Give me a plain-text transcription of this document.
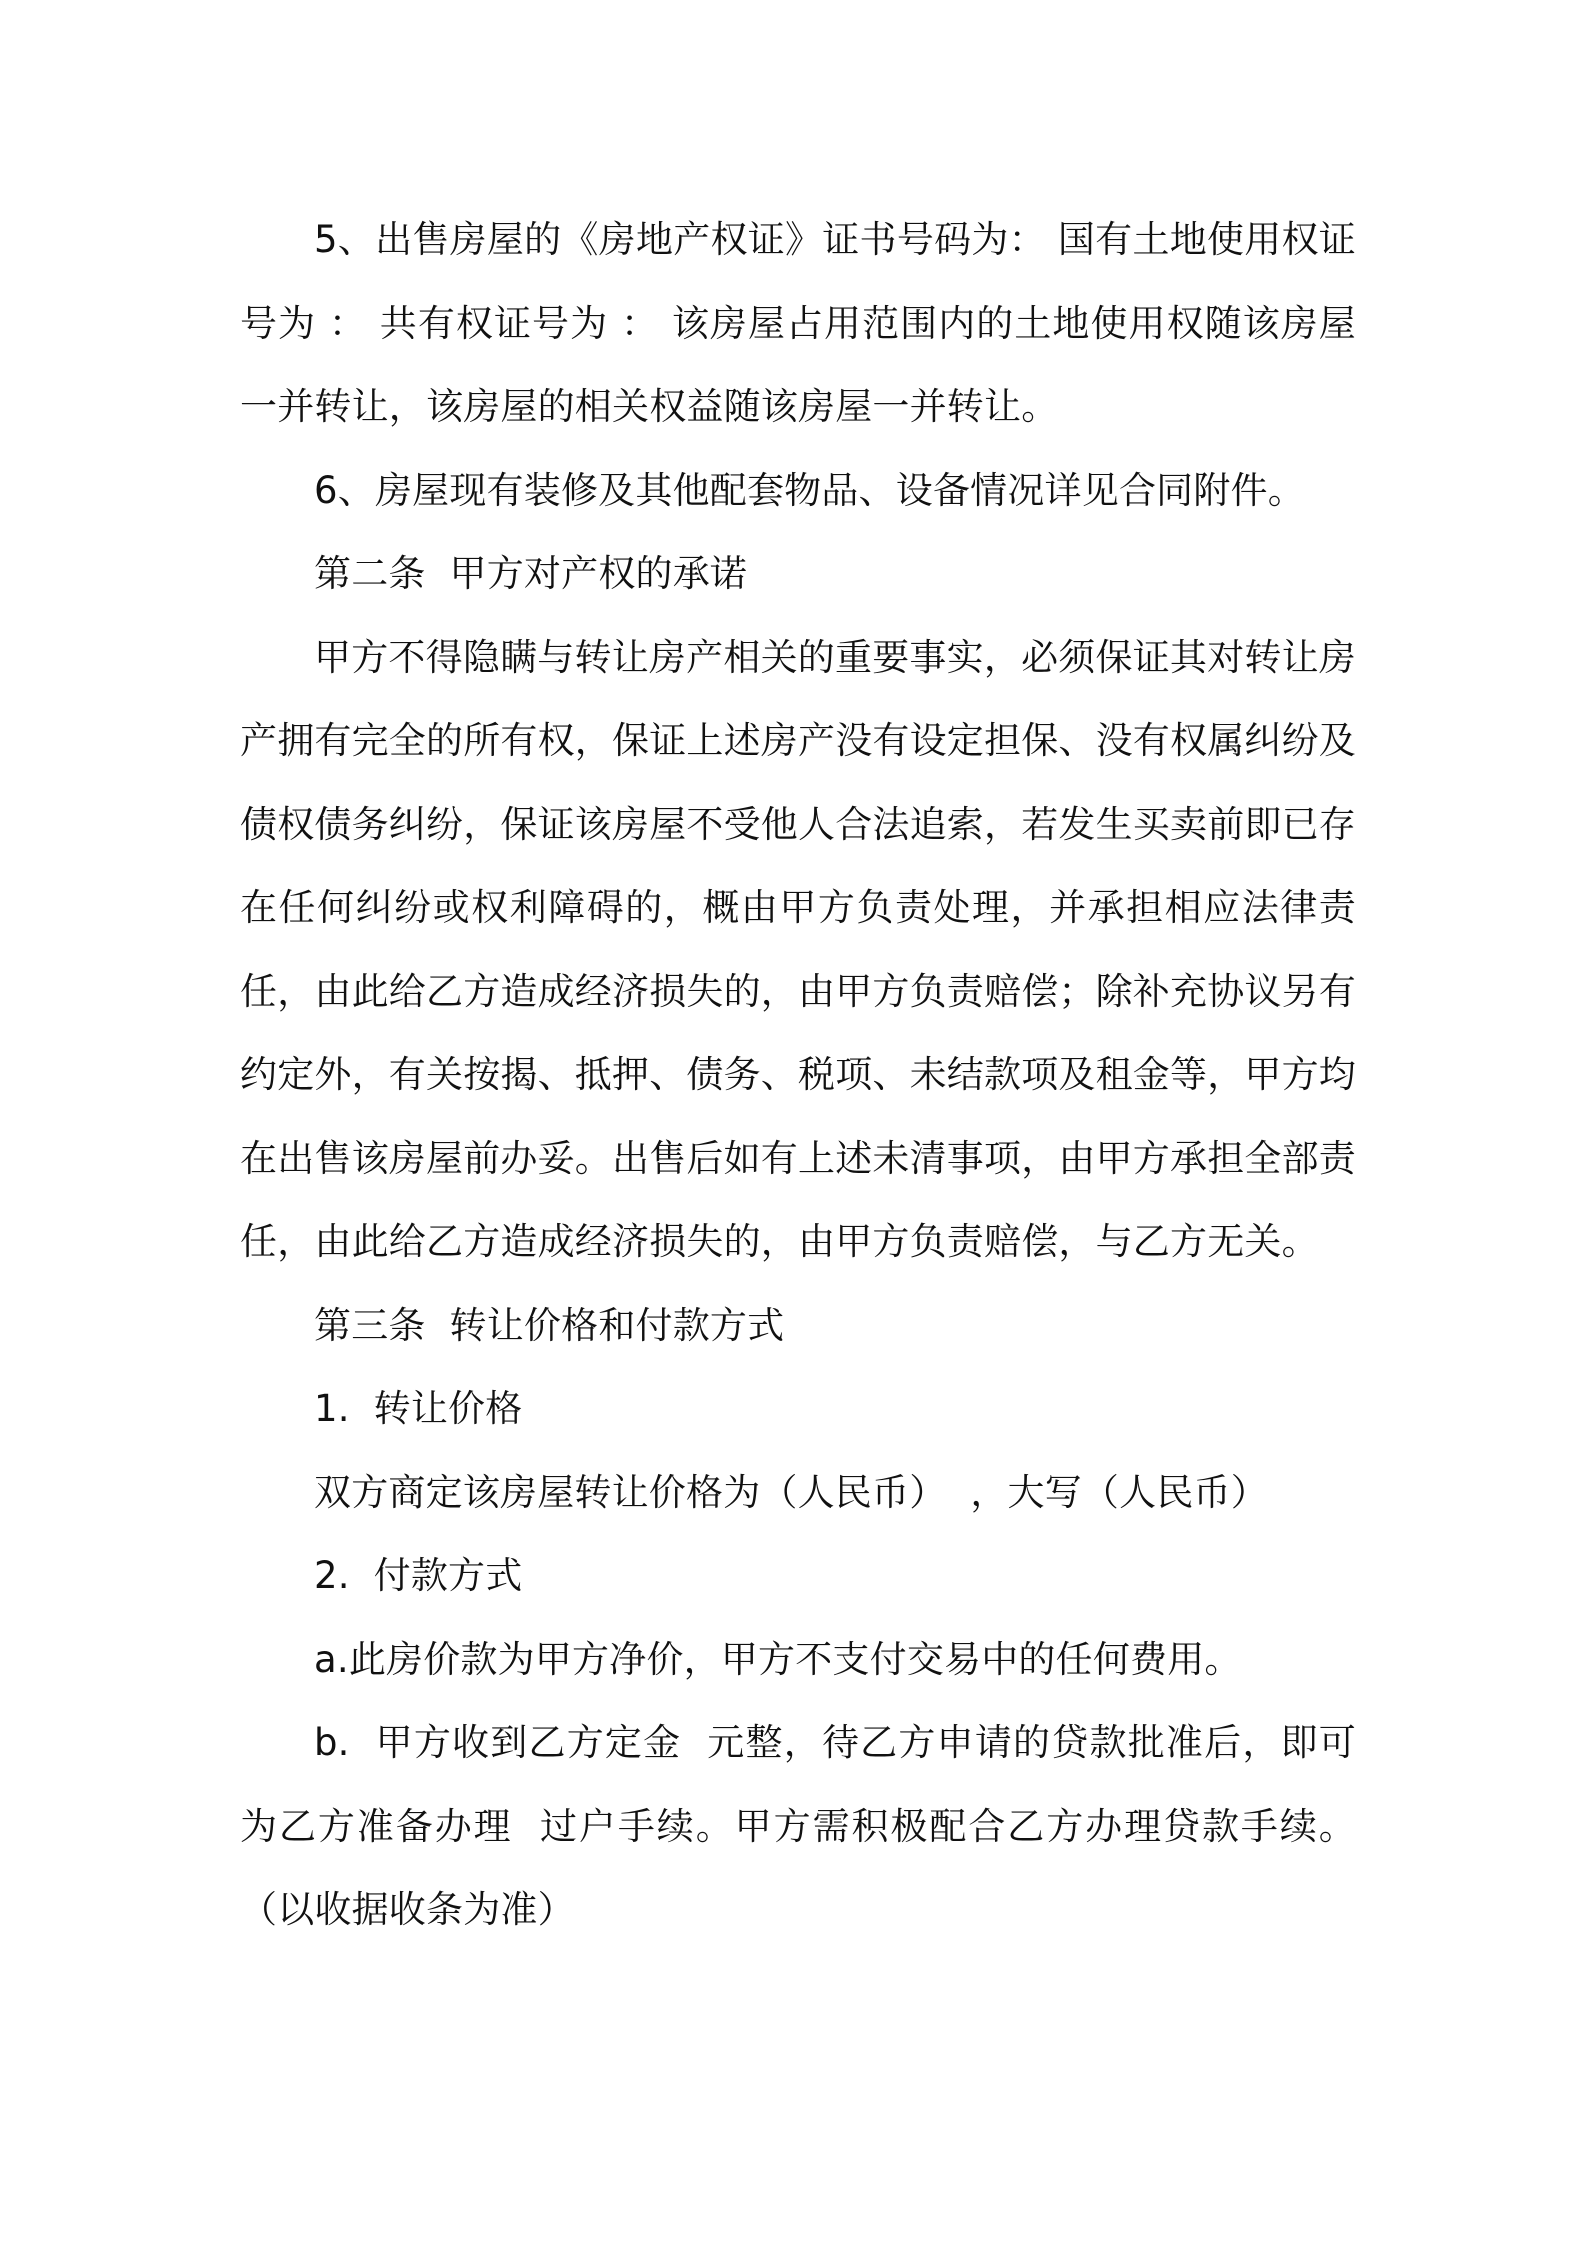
5、出售房屋的《房地产权证》证书号码为： 国有土地使用权证号为 ： 共有权证号为 ： 该房屋占用范围内的土地使用权随该房屋一并转让，该房屋的相关权益随该房屋一并转让。

6、房屋现有装修及其他配套物品、设备情况详见合同附件。

第二条  甲方对产权的承诺

甲方不得隐瞒与转让房产相关的重要事实，必须保证其对转让房产拥有完全的所有权，保证上述房产没有设定担保、没有权属纠纷及债权债务纠纷，保证该房屋不受他人合法追索，若发生买卖前即已存在任何纠纷或权利障碍的，概由甲方负责处理，并承担相应法律责任，由此给乙方造成经济损失的，由甲方负责赔偿；除补充协议另有约定外，有关按揭、抵押、债务、税项、未结款项及租金等，甲方均在出售该房屋前办妥。出售后如有上述未清事项，由甲方承担全部责任，由此给乙方造成经济损失的，由甲方负责赔偿，与乙方无关。

第三条  转让价格和付款方式

1.  转让价格

双方商定该房屋转让价格为（人民币）  ，大写（人民币）

2.  付款方式

a.此房价款为甲方净价，甲方不支付交易中的任何费用。

b.  甲方收到乙方定金  元整，待乙方申请的贷款批准后，即可为乙方准备办理  过户手续。甲方需积极配合乙方办理贷款手续。（以收据收条为准）
